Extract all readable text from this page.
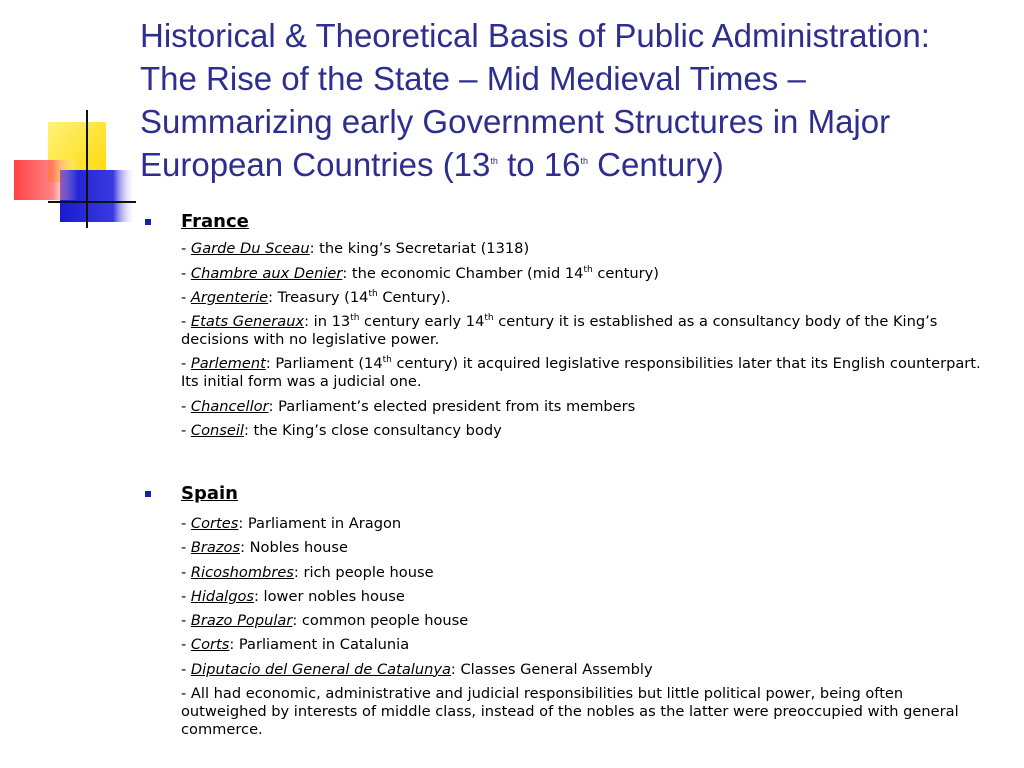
Historical & Theoretical Basis of Public Administration:
The Rise of the State – Mid Medieval Times –
Summarizing early Government Structures in Major
European Countries (13th to 16th Century)
France
- Garde Du Sceau: the king’s Secretariat (1318)
- Chambre aux Denier: the economic Chamber (mid 14th century)
- Argenterie: Treasury (14th Century).
- Etats Generaux: in 13th century early 14th century it is established as a consultancy body of the King’s decisions with no legislative power.
- Parlement: Parliament (14th century) it acquired legislative responsibilities later that its English counterpart. Its initial form was a judicial one.
- Chancellor: Parliament’s elected president from its members
- Conseil: the King’s close consultancy body
Spain
- Cortes: Parliament in Aragon
- Brazos: Nobles house
- Ricoshombres: rich people house
- Hidalgos: lower nobles house
- Brazo Popular: common people house
- Corts: Parliament in Catalunia
- Diputacio del General de Catalunya: Classes General Assembly
- All had economic, administrative and judicial responsibilities but little political power, being often outweighed by interests of middle class, instead of the nobles as the latter were preoccupied with general commerce.
